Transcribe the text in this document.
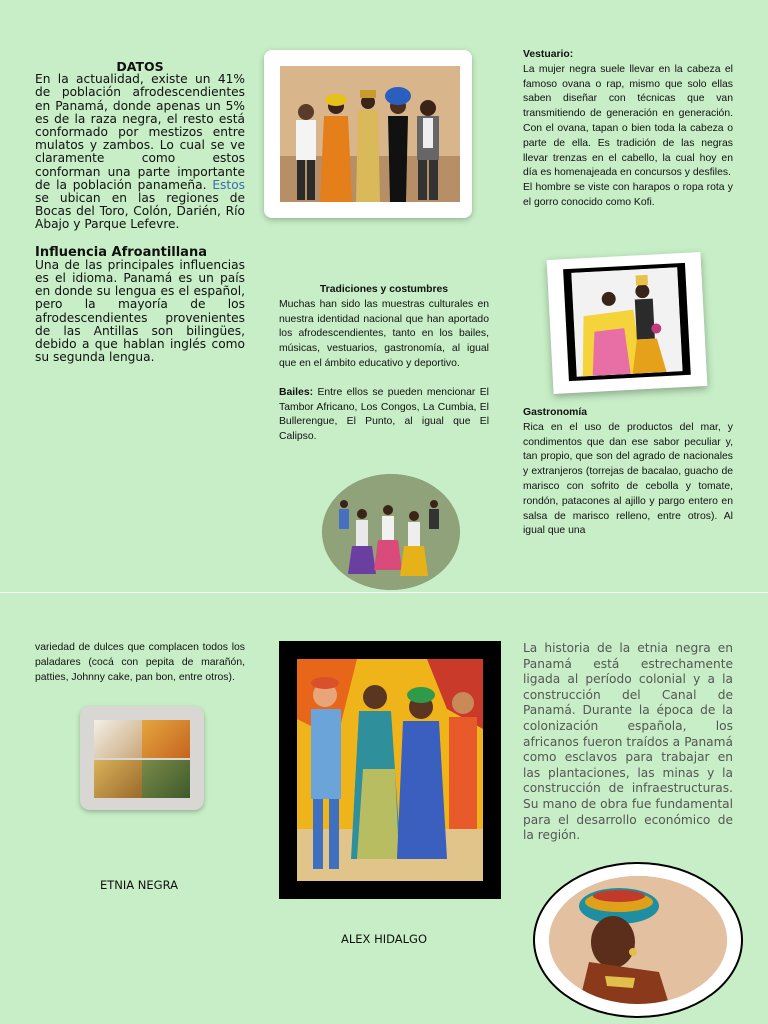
DATOS

En la actualidad, existe un 41% de población afrodescendientes en Panamá, donde apenas un 5% es de la raza negra, el resto está conformado por mestizos entre mulatos y zambos. Lo cual se ve claramente como estos conforman una parte importante de la población panameña. Estos se ubican en las regiones de Bocas del Toro, Colón, Darién, Río Abajo y Parque Lefevre.

Influencia Afroantillana

Una de las principales influencias es el idioma. Panamá es un país en donde su lengua es el español, pero la mayoría de los afrodescendientes provenientes de las Antillas son bilingües, debido a que hablan inglés como su segunda lengua.

Tradiciones y costumbres

Muchas han sido las muestras culturales en nuestra identidad nacional que han aportado los afrodescendientes, tanto en los bailes, músicas, vestuarios, gastronomía, al igual que en el ámbito educativo y deportivo.

Bailes: Entre ellos se pueden mencionar El Tambor Africano, Los Congos, La Cumbia, El Bullerengue, El Punto, al igual que El Calipso.

Vestuario:

La mujer negra suele llevar en la cabeza el famoso ovana o rap, mismo que solo ellas saben diseñar con técnicas que van transmitiendo de generación en generación. Con el ovana, tapan o bien toda la cabeza o parte de ella. Es tradición de las negras llevar trenzas en el cabello, la cual hoy en día es homenajeada en concursos y desfiles.

El hombre se viste con harapos o ropa rota y el gorro conocido como Kofi.

Gastronomía

Rica en el uso de productos del mar, y condimentos que dan ese sabor peculiar y, tan propio, que son del agrado de nacionales y extranjeros (torrejas de bacalao, guacho de marisco con sofrito de cebolla y tomate, rondón, patacones al ajillo y pargo entero en salsa de marisco relleno, entre otros). Al igual que una

variedad de dulces que complacen todos los paladares (cocá con pepita de marañón, patties, Johnny cake, pan bon, entre otros).

ETNIA NEGRA
ALEX HIDALGO
La historia de la etnia negra en Panamá está estrechamente ligada al período colonial y a la construcción del Canal de Panamá. Durante la época de la colonización española, los africanos fueron traídos a Panamá como esclavos para trabajar en las plantaciones, las minas y la construcción de infraestructuras. Su mano de obra fue fundamental para el desarrollo económico de la región.
